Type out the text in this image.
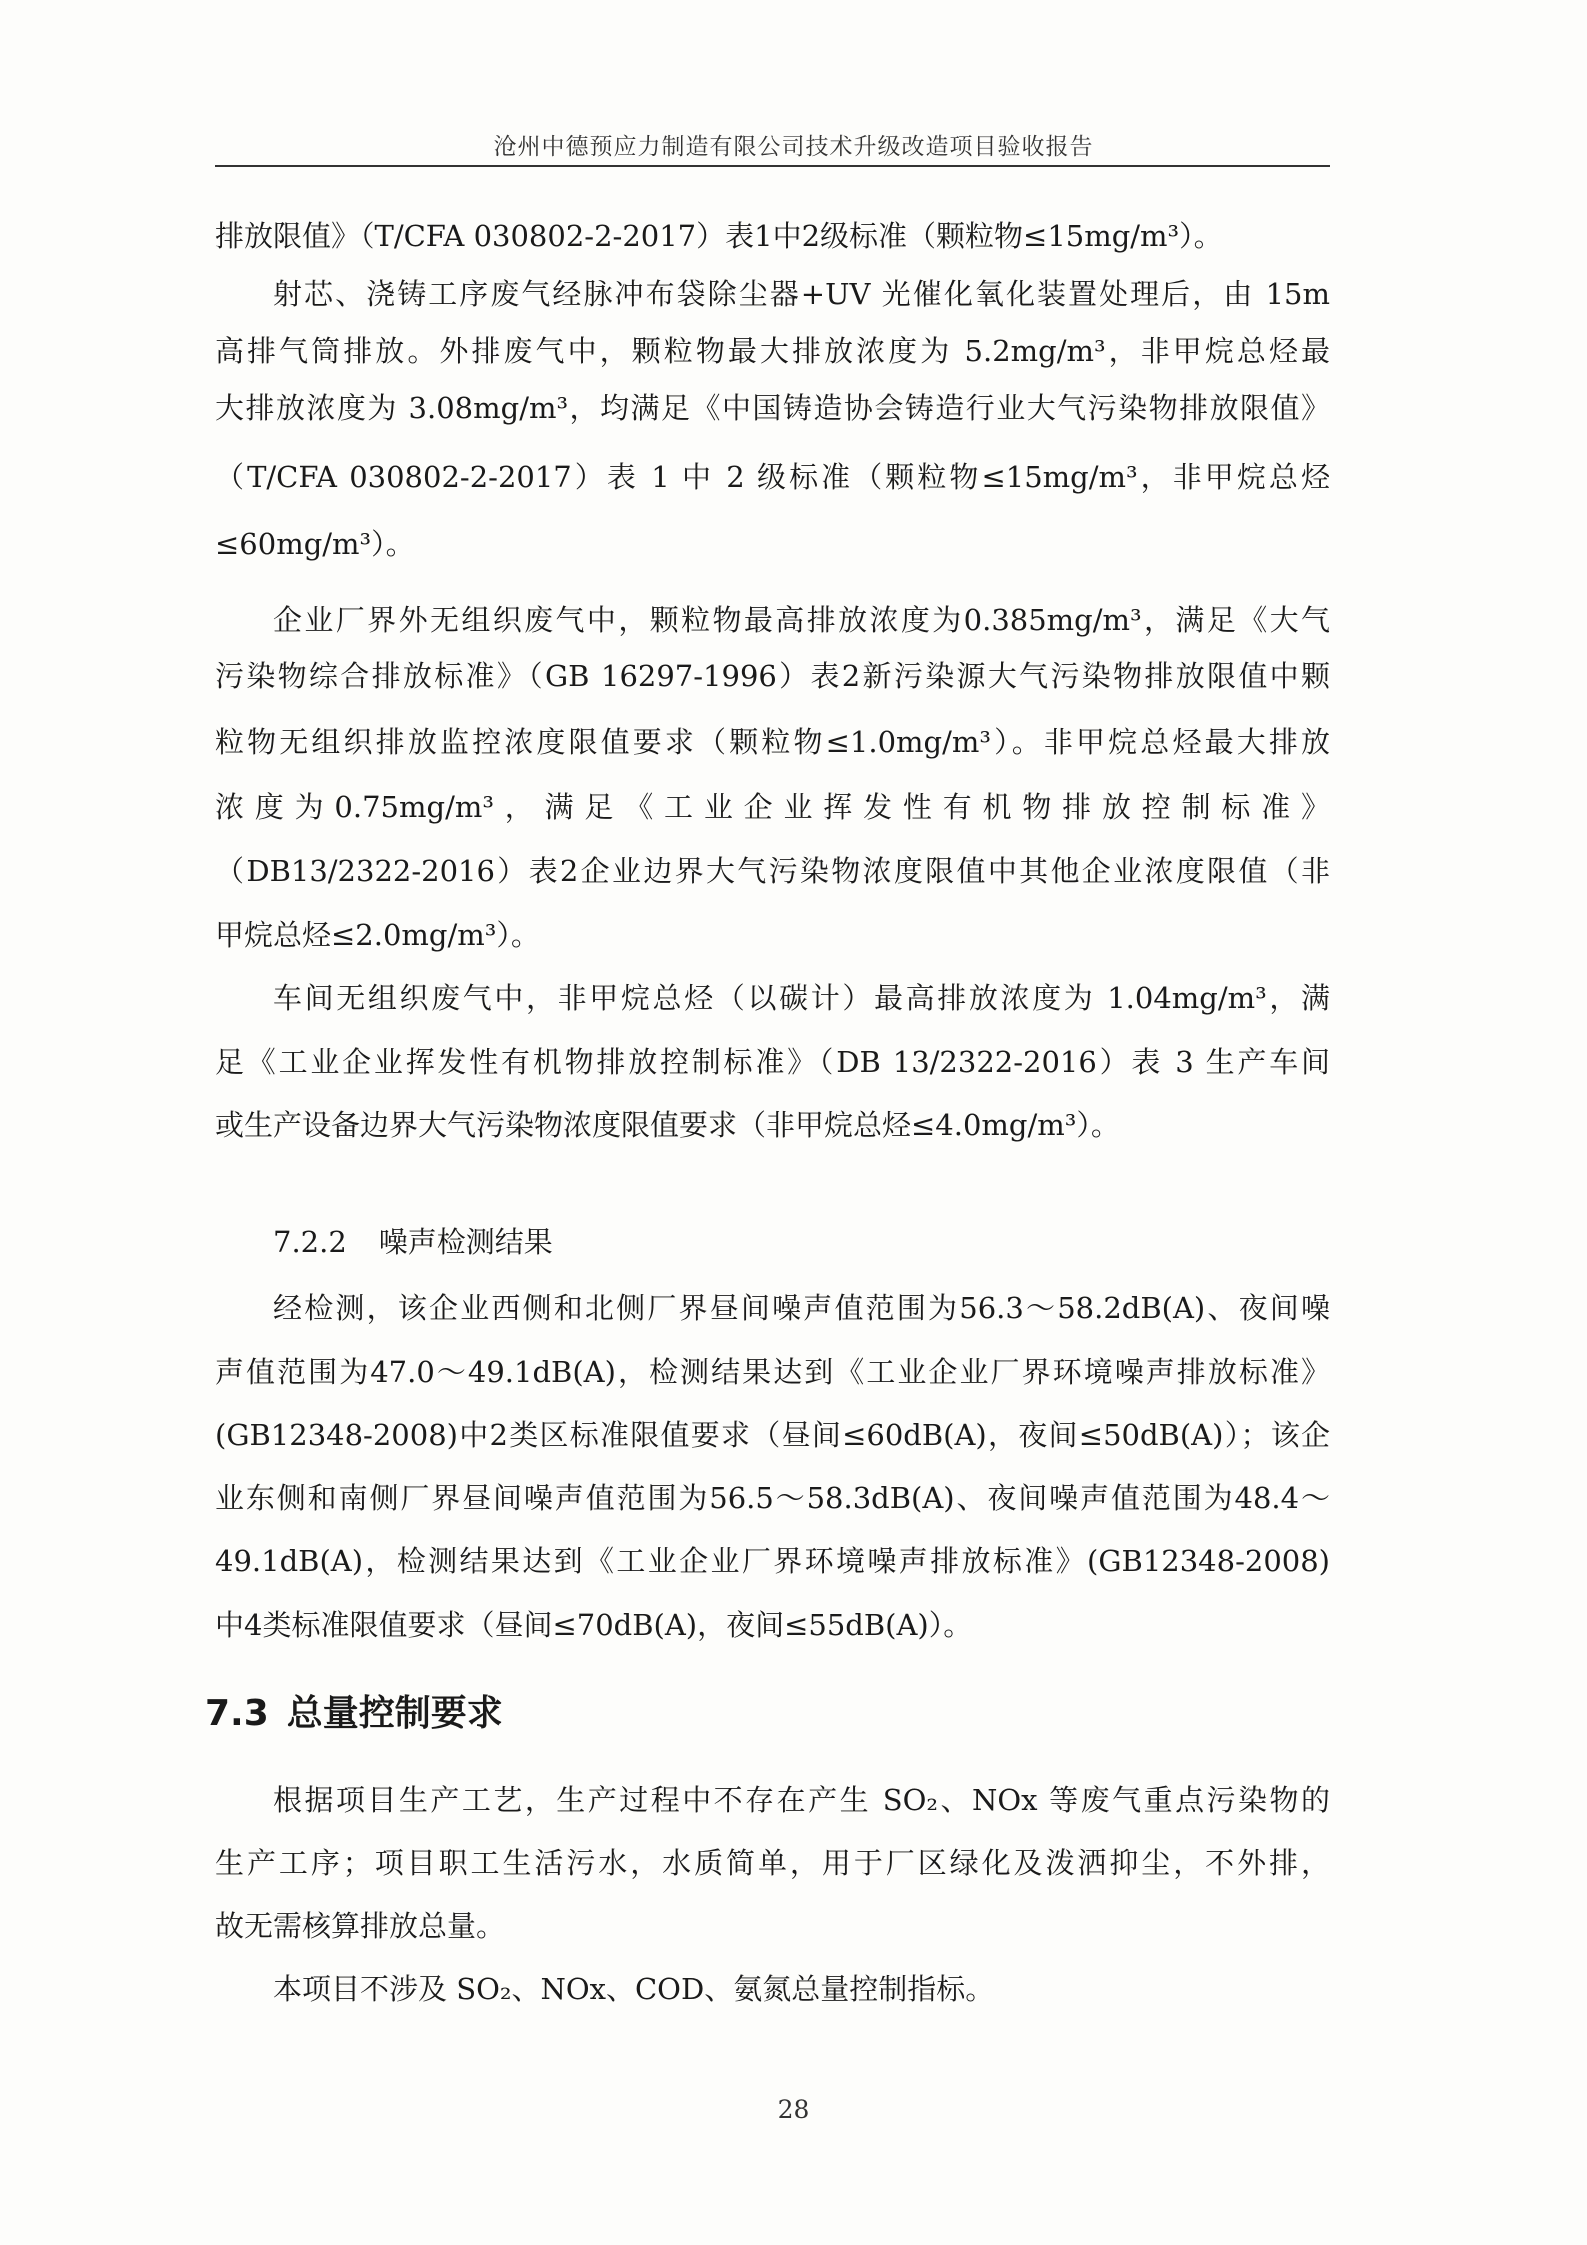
沧州中德预应力制造有限公司技术升级改造项目验收报告
排放限值》（T/CFA 030802-2-2017）表1中2级标准（颗粒物≤15mg/m³）。
射芯、浇铸工序废气经脉冲布袋除尘器+UV 光催化氧化装置处理后，由 15m
高排气筒排放。外排废气中，颗粒物最大排放浓度为 5.2mg/m³，非甲烷总烃最
大排放浓度为 3.08mg/m³，均满足《中国铸造协会铸造行业大气污染物排放限值》
（T/CFA 030802-2-2017）表 1 中 2 级标准（颗粒物≤15mg/m³，非甲烷总烃
≤60mg/m³）。
企业厂界外无组织废气中，颗粒物最高排放浓度为0.385mg/m³，满足《大气
污染物综合排放标准》（GB 16297-1996）表2新污染源大气污染物排放限值中颗
粒物无组织排放监控浓度限值要求（颗粒物≤1.0mg/m³）。非甲烷总烃最大排放
浓度为0.75mg/m³，满足《工业企业挥发性有机物排放控制标准》
（DB13/2322-2016）表2企业边界大气污染物浓度限值中其他企业浓度限值（非
甲烷总烃≤2.0mg/m³）。
车间无组织废气中，非甲烷总烃（以碳计）最高排放浓度为 1.04mg/m³，满
足《工业企业挥发性有机物排放控制标准》（DB 13/2322-2016）表 3 生产车间
或生产设备边界大气污染物浓度限值要求（非甲烷总烃≤4.0mg/m³）。
7.2.2 噪声检测结果
经检测，该企业西侧和北侧厂界昼间噪声值范围为56.3～58.2dB(A)、夜间噪
声值范围为47.0～49.1dB(A)，检测结果达到《工业企业厂界环境噪声排放标准》
(GB12348-2008)中2类区标准限值要求（昼间≤60dB(A)，夜间≤50dB(A)）；该企
业东侧和南侧厂界昼间噪声值范围为56.5～58.3dB(A)、夜间噪声值范围为48.4～
49.1dB(A)，检测结果达到《工业企业厂界环境噪声排放标准》(GB12348-2008)
中4类标准限值要求（昼间≤70dB(A)，夜间≤55dB(A)）。
7.3 总量控制要求
根据项目生产工艺，生产过程中不存在产生 SO₂、NOx 等废气重点污染物的
生产工序；项目职工生活污水，水质简单，用于厂区绿化及泼洒抑尘，不外排，
故无需核算排放总量。
本项目不涉及 SO₂、NOx、COD、氨氮总量控制指标。
28
